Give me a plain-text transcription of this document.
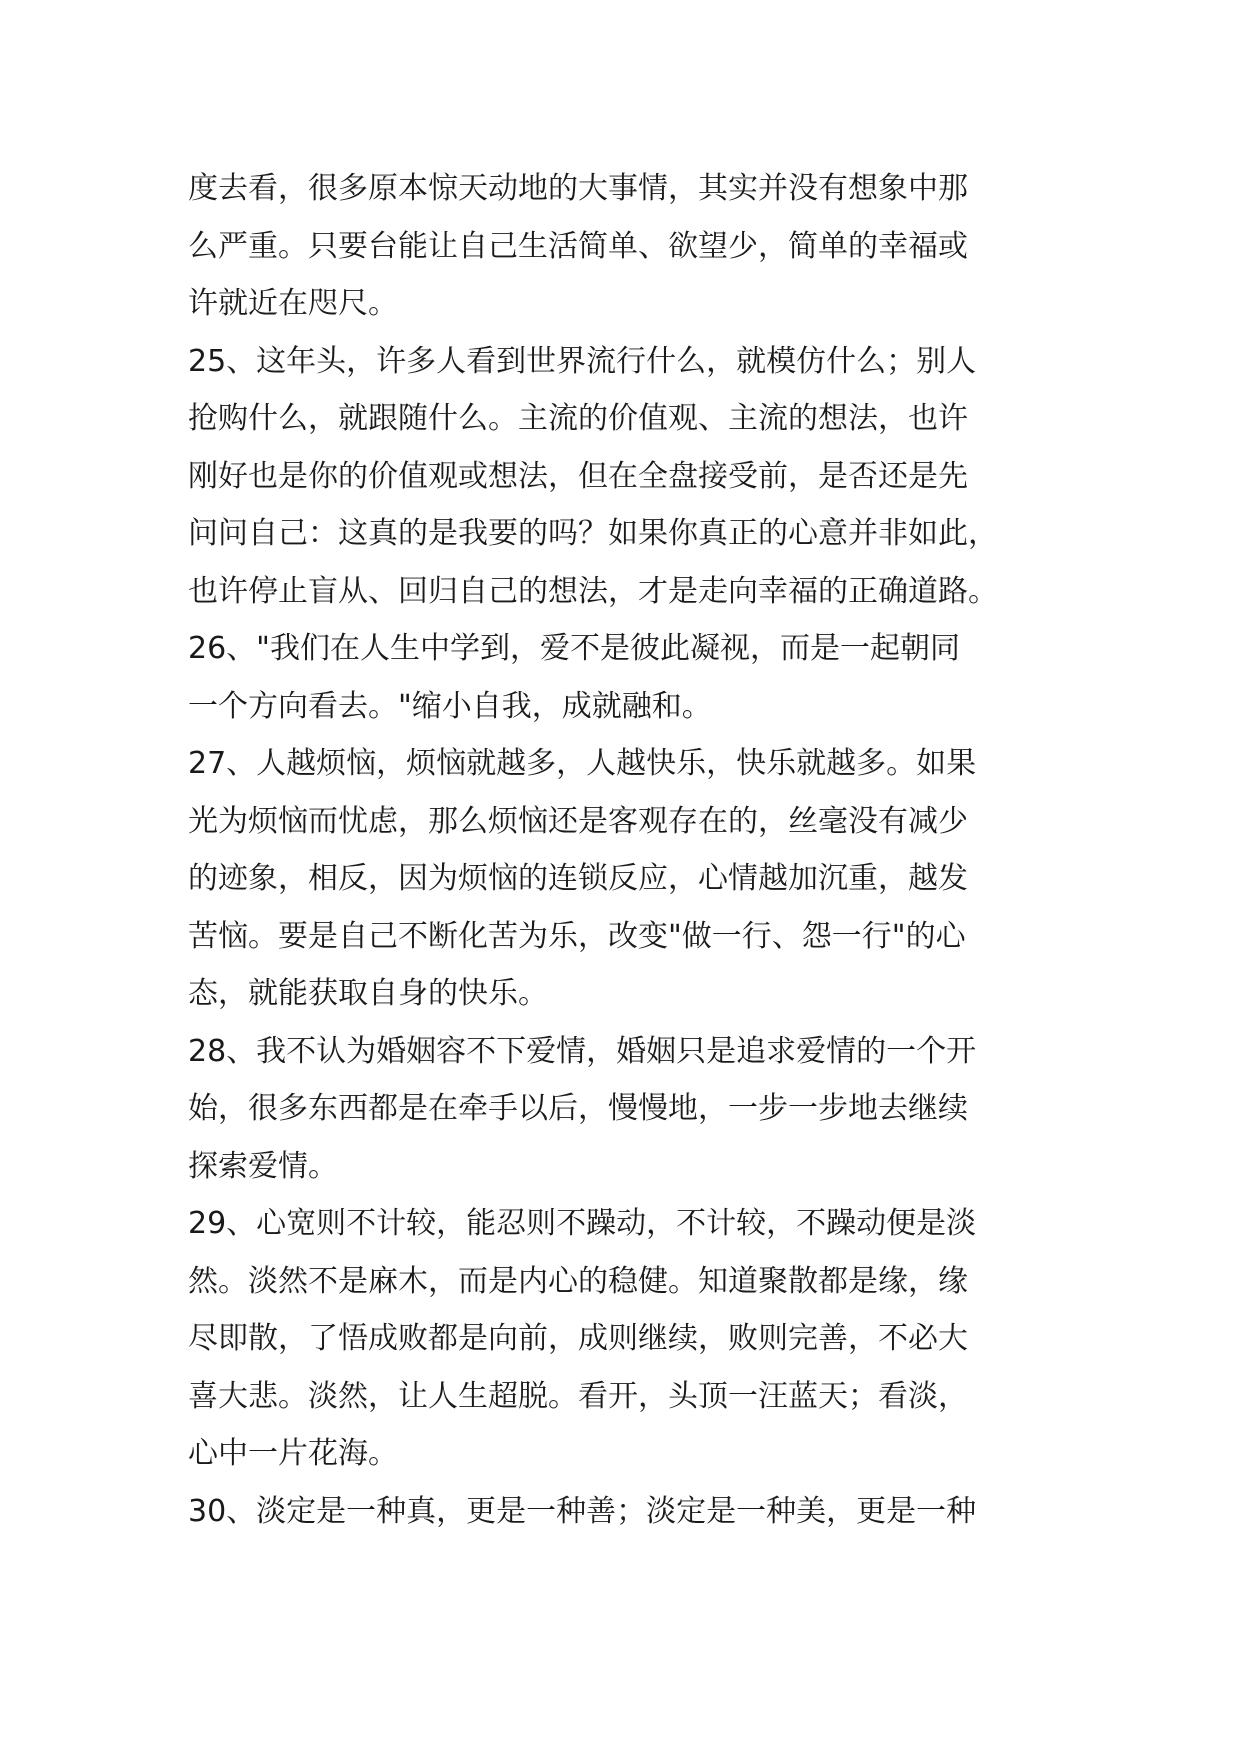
度去看，很多原本惊天动地的大事情，其实并没有想象中那
么严重。只要台能让自己生活简单、欲望少，简单的幸福或
许就近在咫尺。
25、这年头，许多人看到世界流行什么，就模仿什么；别人
抢购什么，就跟随什么。主流的价值观、主流的想法，也许
刚好也是你的价值观或想法，但在全盘接受前，是否还是先
问问自己：这真的是我要的吗？如果你真正的心意并非如此，
也许停止盲从、回归自己的想法，才是走向幸福的正确道路。
26、"我们在人生中学到，爱不是彼此凝视，而是一起朝同
一个方向看去。"缩小自我，成就融和。
27、人越烦恼，烦恼就越多，人越快乐，快乐就越多。如果
光为烦恼而忧虑，那么烦恼还是客观存在的，丝毫没有减少
的迹象，相反，因为烦恼的连锁反应，心情越加沉重，越发
苦恼。要是自己不断化苦为乐，改变"做一行、怨一行"的心
态，就能获取自身的快乐。
28、我不认为婚姻容不下爱情，婚姻只是追求爱情的一个开
始，很多东西都是在牵手以后，慢慢地，一步一步地去继续
探索爱情。
29、心宽则不计较，能忍则不躁动，不计较，不躁动便是淡
然。淡然不是麻木，而是内心的稳健。知道聚散都是缘，缘
尽即散，了悟成败都是向前，成则继续，败则完善，不必大
喜大悲。淡然，让人生超脱。看开，头顶一汪蓝天；看淡，
心中一片花海。
30、淡定是一种真，更是一种善；淡定是一种美，更是一种
